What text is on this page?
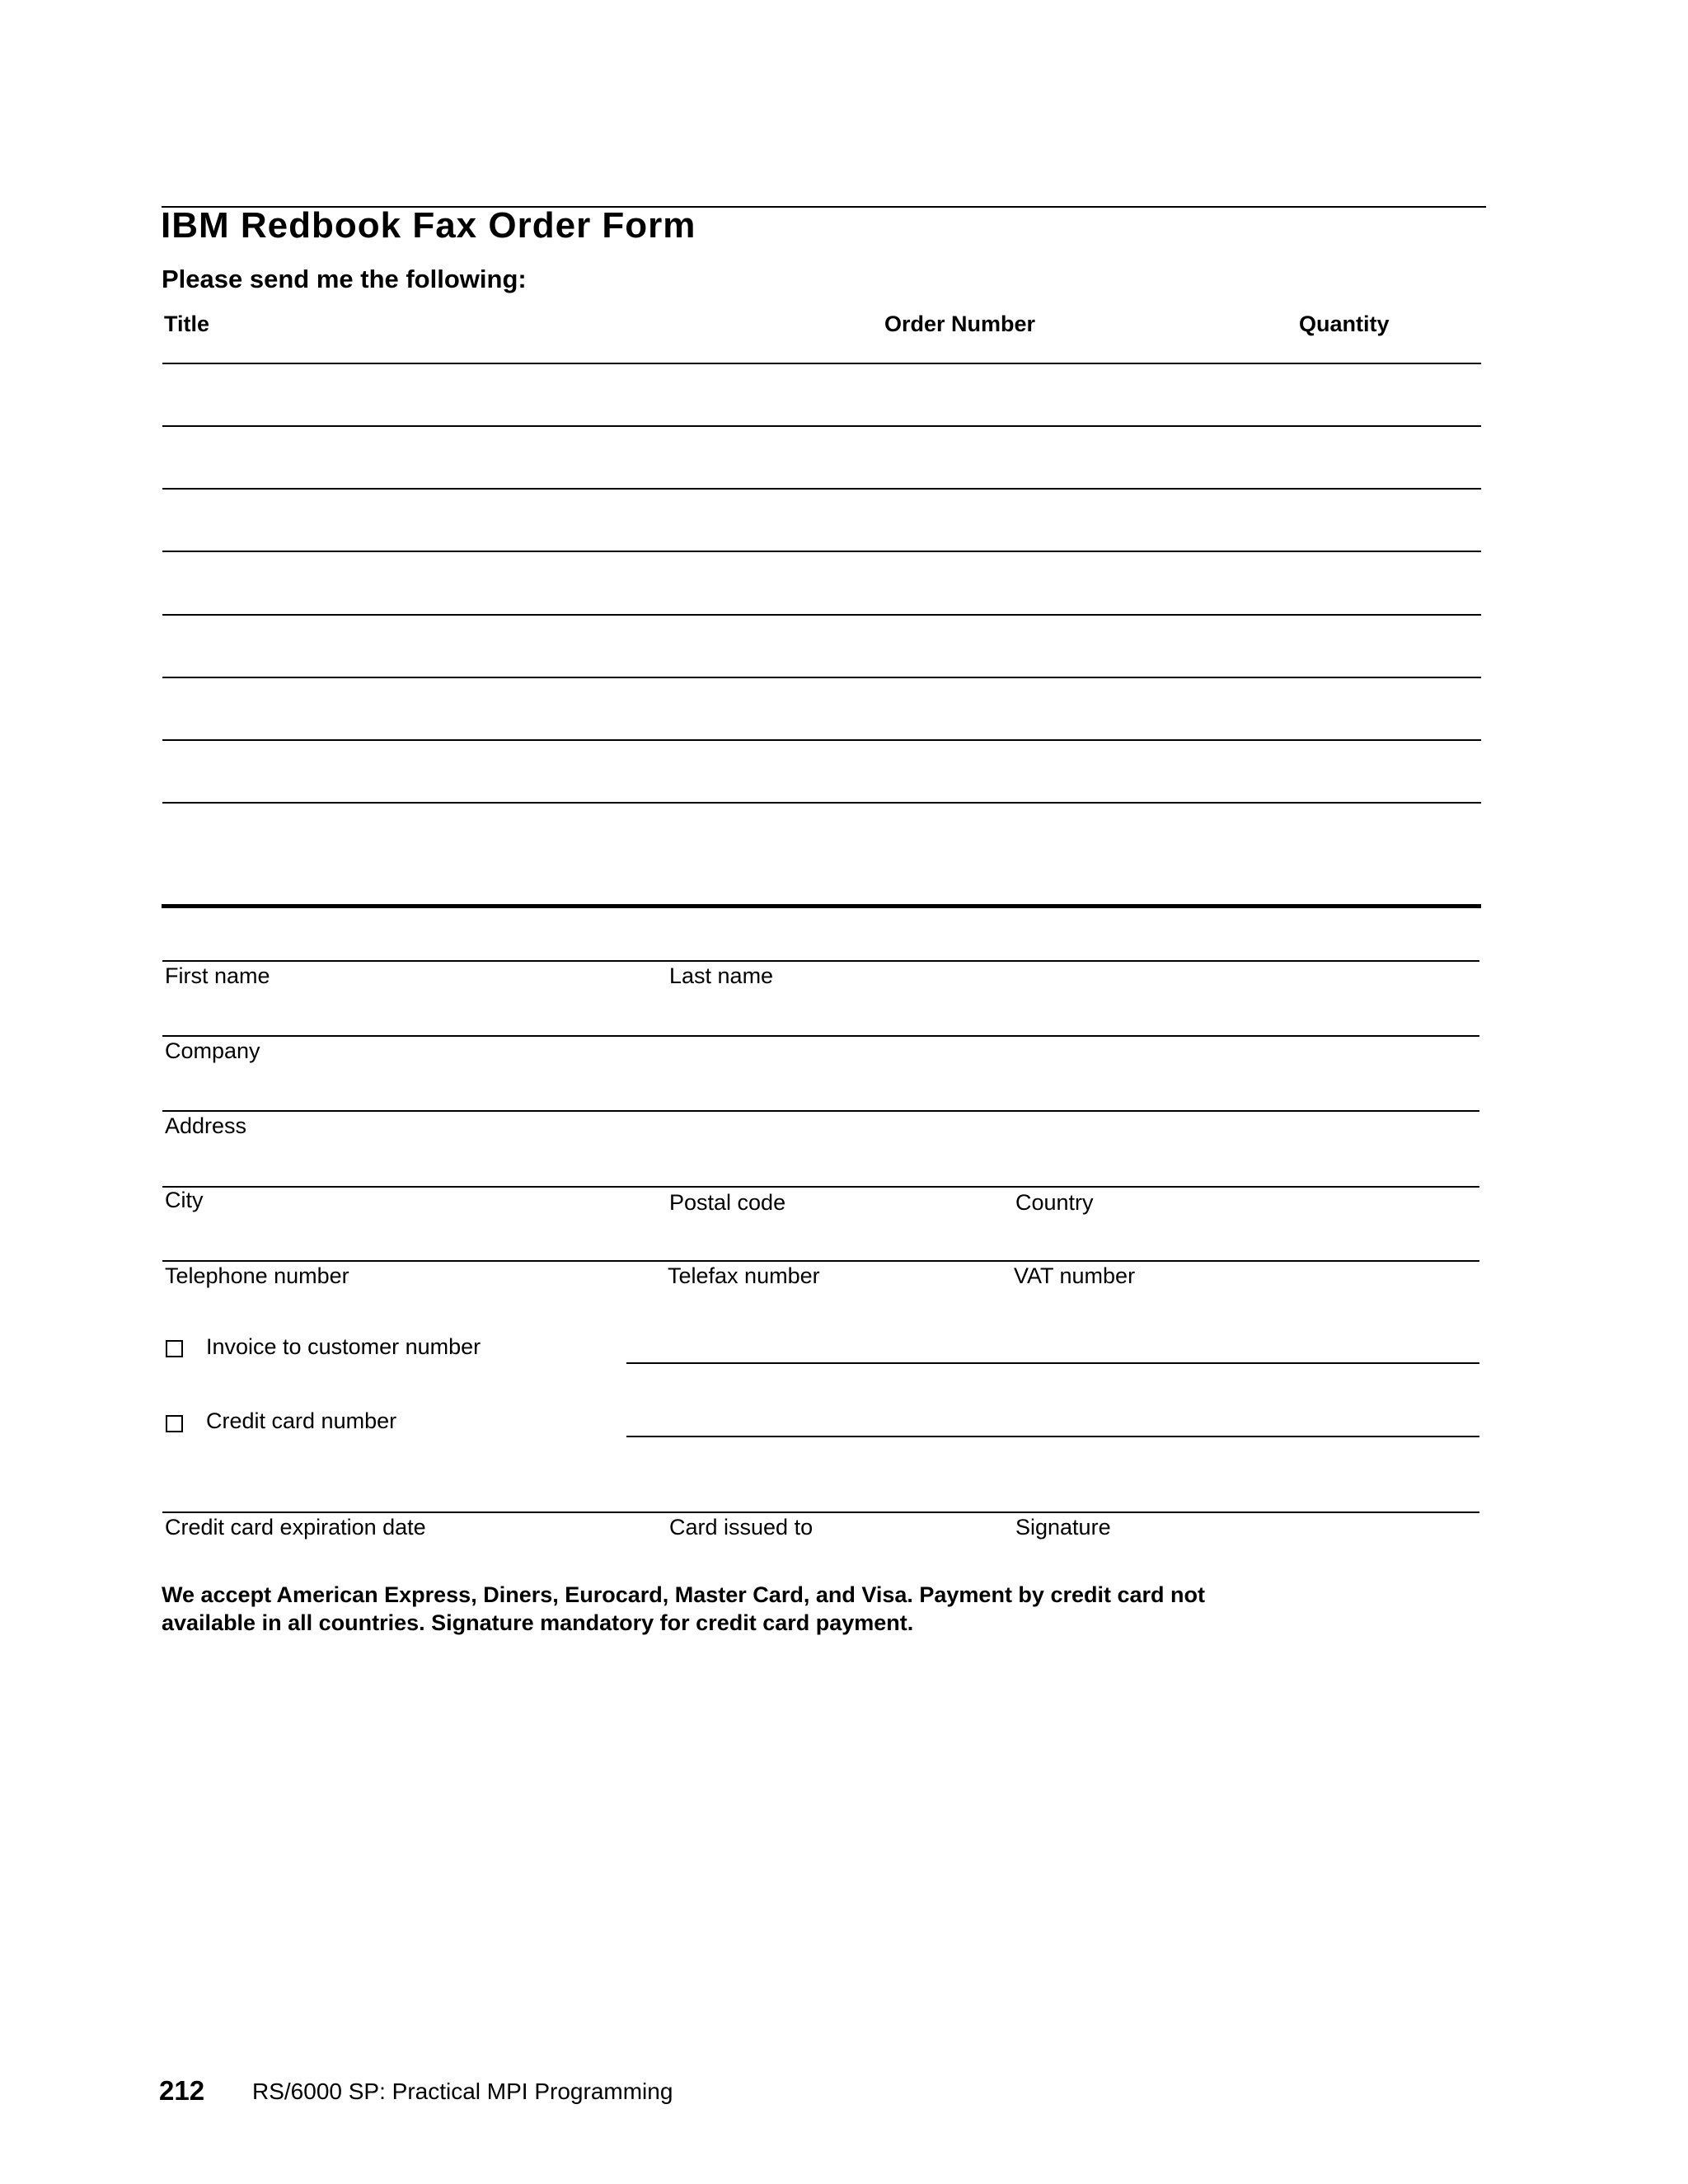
IBM Redbook Fax Order Form
Please send me the following:
Title	Order Number	Quantity
First name	Last name
Company
Address
City	Postal code	Country
Telephone number	Telefax number	VAT number
Invoice to customer number
Credit card number
Credit card expiration date	Card issued to	Signature
We accept American Express, Diners, Eurocard, Master Card, and Visa. Payment by credit card not
available in all countries. Signature mandatory for credit card payment.
212 RS/6000 SP: Practical MPI Programming
